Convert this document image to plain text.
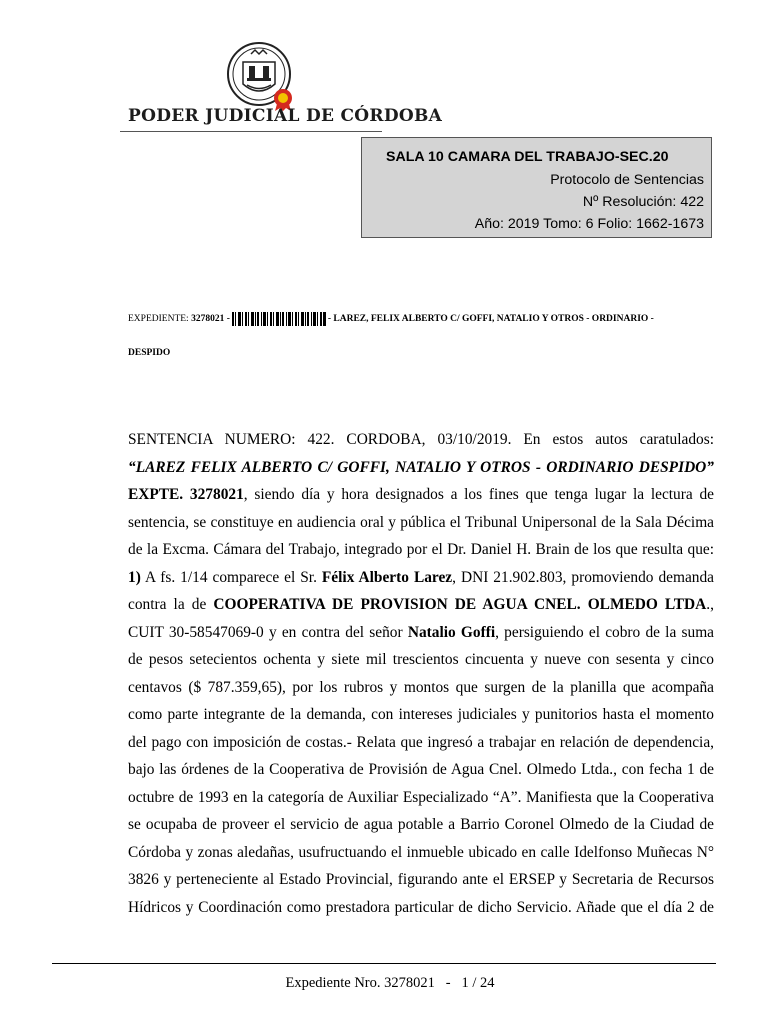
PODER JUDICIAL DE CÓRDOBA
SALA 10 CAMARA DEL TRABAJO-SEC.20
Protocolo de Sentencias
Nº Resolución: 422
Año: 2019 Tomo: 6 Folio: 1662-1673
EXPEDIENTE: 3278021 -	- LAREZ, FELIX ALBERTO C/ GOFFI, NATALIO Y OTROS - ORDINARIO -
DESPIDO

SENTENCIA NUMERO: 422. CORDOBA, 03/10/2019. En estos autos caratulados:

“LAREZ FELIX ALBERTO C/ GOFFI, NATALIO Y OTROS - ORDINARIO DESPIDO”

EXPTE. 3278021, siendo día y hora designados a los fines que tenga lugar la lectura de

sentencia, se constituye en audiencia oral y pública el Tribunal Unipersonal de la Sala Décima

de la Excma. Cámara del Trabajo, integrado por el Dr. Daniel H. Brain de los que resulta que:

1) A fs. 1/14 comparece el Sr. Félix Alberto Larez, DNI 21.902.803, promoviendo demanda

contra la de COOPERATIVA DE PROVISION DE AGUA CNEL. OLMEDO LTDA.,

CUIT 30-58547069-0 y en contra del señor Natalio Goffi, persiguiendo el cobro de la suma

de pesos setecientos ochenta y siete mil trescientos cincuenta y nueve con sesenta y cinco

centavos ($ 787.359,65), por los rubros y montos que surgen de la planilla que acompaña

como parte integrante de la demanda, con intereses judiciales y punitorios hasta el momento

del pago con imposición de costas.- Relata que ingresó a trabajar en relación de dependencia,

bajo las órdenes de la Cooperativa de Provisión de Agua Cnel. Olmedo Ltda., con fecha 1 de

octubre de 1993 en la categoría de Auxiliar Especializado “A”. Manifiesta que la Cooperativa

se ocupaba de proveer el servicio de agua potable a Barrio Coronel Olmedo de la Ciudad de

Córdoba y zonas aledañas, usufructuando el inmueble ubicado en calle Idelfonso Muñecas N°

3826 y perteneciente al Estado Provincial, figurando ante el ERSEP y Secretaria de Recursos

Hídricos y Coordinación como prestadora particular de dicho Servicio. Añade que el día 2 de

Expediente Nro. 3278021   -   1 / 24
